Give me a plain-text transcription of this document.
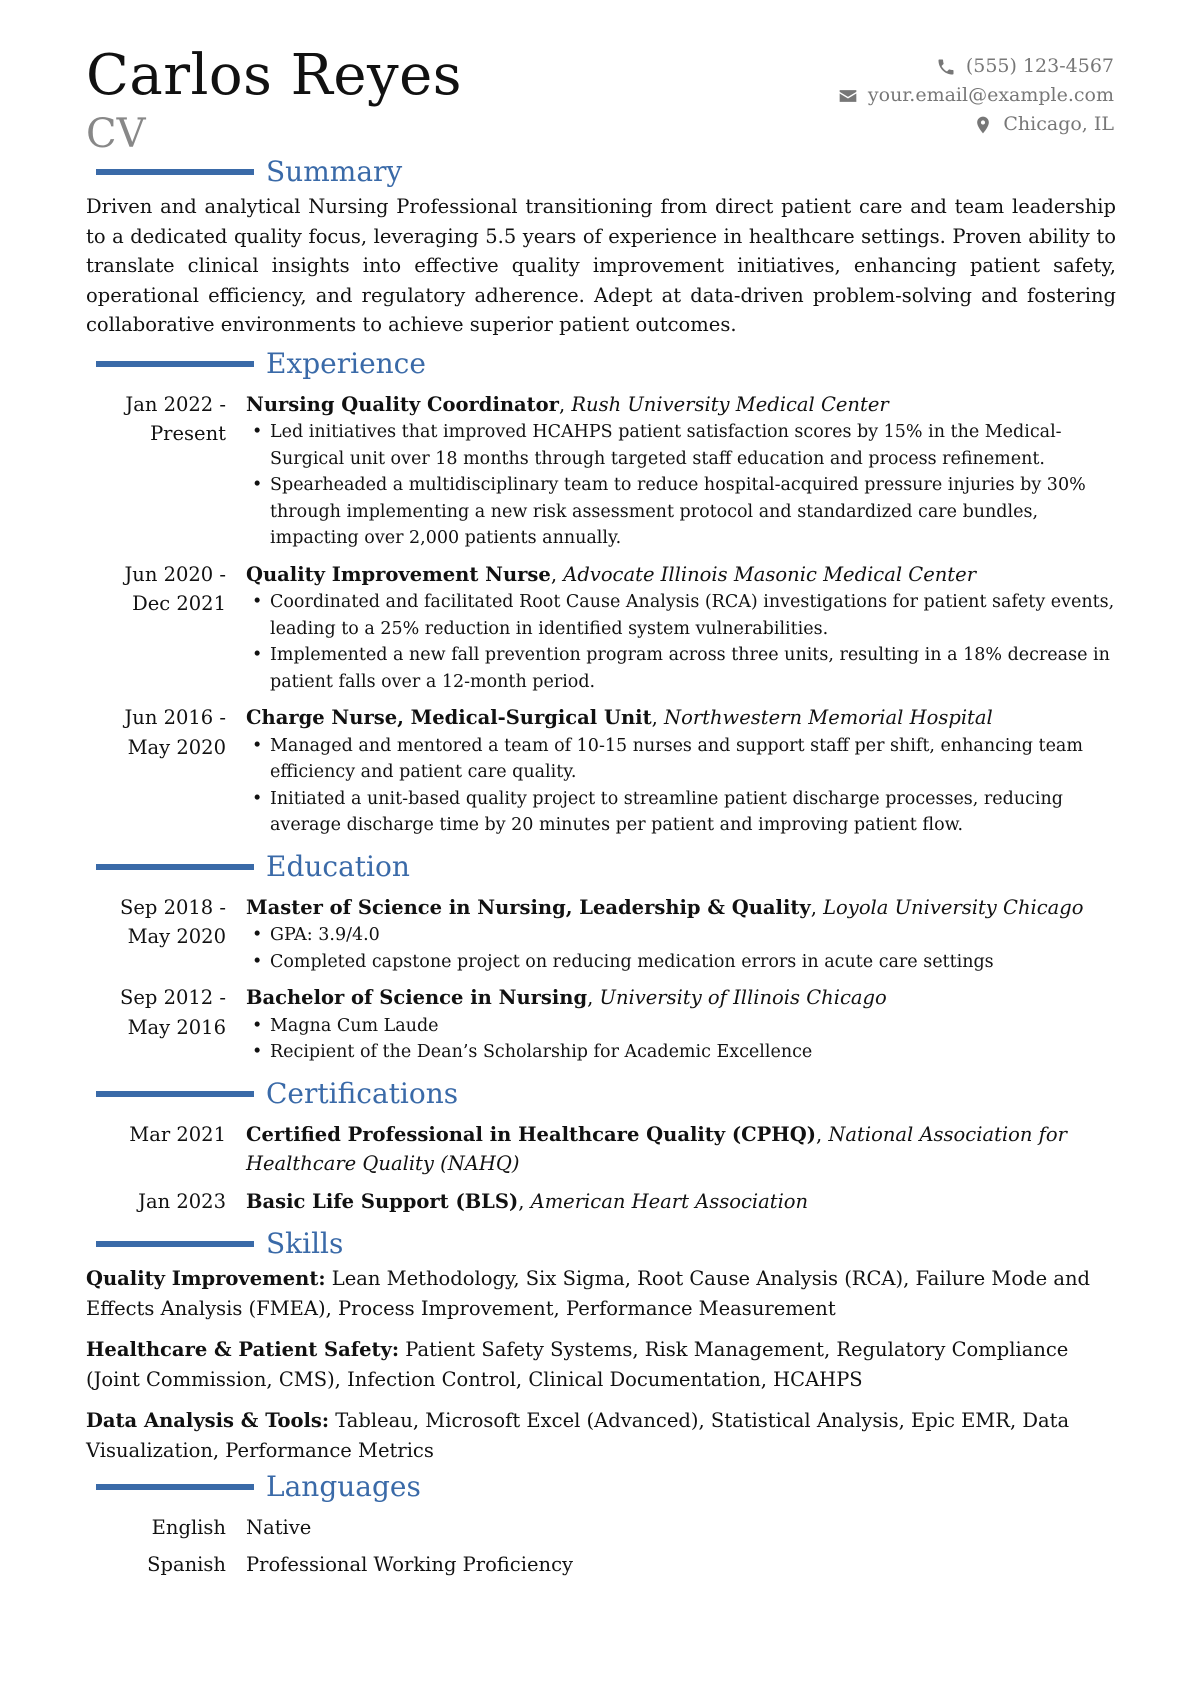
Carlos Reyes
CV
(555) 123-4567
your.email@example.com
Chicago, IL
Summary
Driven and analytical Nursing Professional transitioning from direct patient care and team leadership to a dedicated quality focus, leveraging 5.5 years of experience in healthcare settings. Proven ability to translate clinical insights into effective quality improvement initiatives, enhancing patient safety, operational efficiency, and regulatory adherence. Adept at data-driven problem-solving and fostering collaborative environments to achieve superior patient outcomes.
Experience
Jan 2022 - Present
Nursing Quality Coordinator, Rush University Medical Center
• Led initiatives that improved HCAHPS patient satisfaction scores by 15% in the Medical-Surgical unit over 18 months through targeted staff education and process refinement.
• Spearheaded a multidisciplinary team to reduce hospital-acquired pressure injuries by 30% through implementing a new risk assessment protocol and standardized care bundles, impacting over 2,000 patients annually.
Jun 2020 - Dec 2021
Quality Improvement Nurse, Advocate Illinois Masonic Medical Center
• Coordinated and facilitated Root Cause Analysis (RCA) investigations for patient safety events, leading to a 25% reduction in identified system vulnerabilities.
• Implemented a new fall prevention program across three units, resulting in a 18% decrease in patient falls over a 12-month period.
Jun 2016 - May 2020
Charge Nurse, Medical-Surgical Unit, Northwestern Memorial Hospital
• Managed and mentored a team of 10-15 nurses and support staff per shift, enhancing team efficiency and patient care quality.
• Initiated a unit-based quality project to streamline patient discharge processes, reducing average discharge time by 20 minutes per patient and improving patient flow.
Education
Sep 2018 - May 2020
Master of Science in Nursing, Leadership & Quality, Loyola University Chicago
• GPA: 3.9/4.0
• Completed capstone project on reducing medication errors in acute care settings
Sep 2012 - May 2016
Bachelor of Science in Nursing, University of Illinois Chicago
• Magna Cum Laude
• Recipient of the Dean’s Scholarship for Academic Excellence
Certifications
Mar 2021	Certified Professional in Healthcare Quality (CPHQ), National Association for Healthcare Quality (NAHQ)
Jan 2023	Basic Life Support (BLS), American Heart Association
Skills
Quality Improvement: Lean Methodology, Six Sigma, Root Cause Analysis (RCA), Failure Mode and Effects Analysis (FMEA), Process Improvement, Performance Measurement
Healthcare & Patient Safety: Patient Safety Systems, Risk Management, Regulatory Compliance (Joint Commission, CMS), Infection Control, Clinical Documentation, HCAHPS
Data Analysis & Tools: Tableau, Microsoft Excel (Advanced), Statistical Analysis, Epic EMR, Data Visualization, Performance Metrics
Languages
English	Native
Spanish	Professional Working Proficiency
